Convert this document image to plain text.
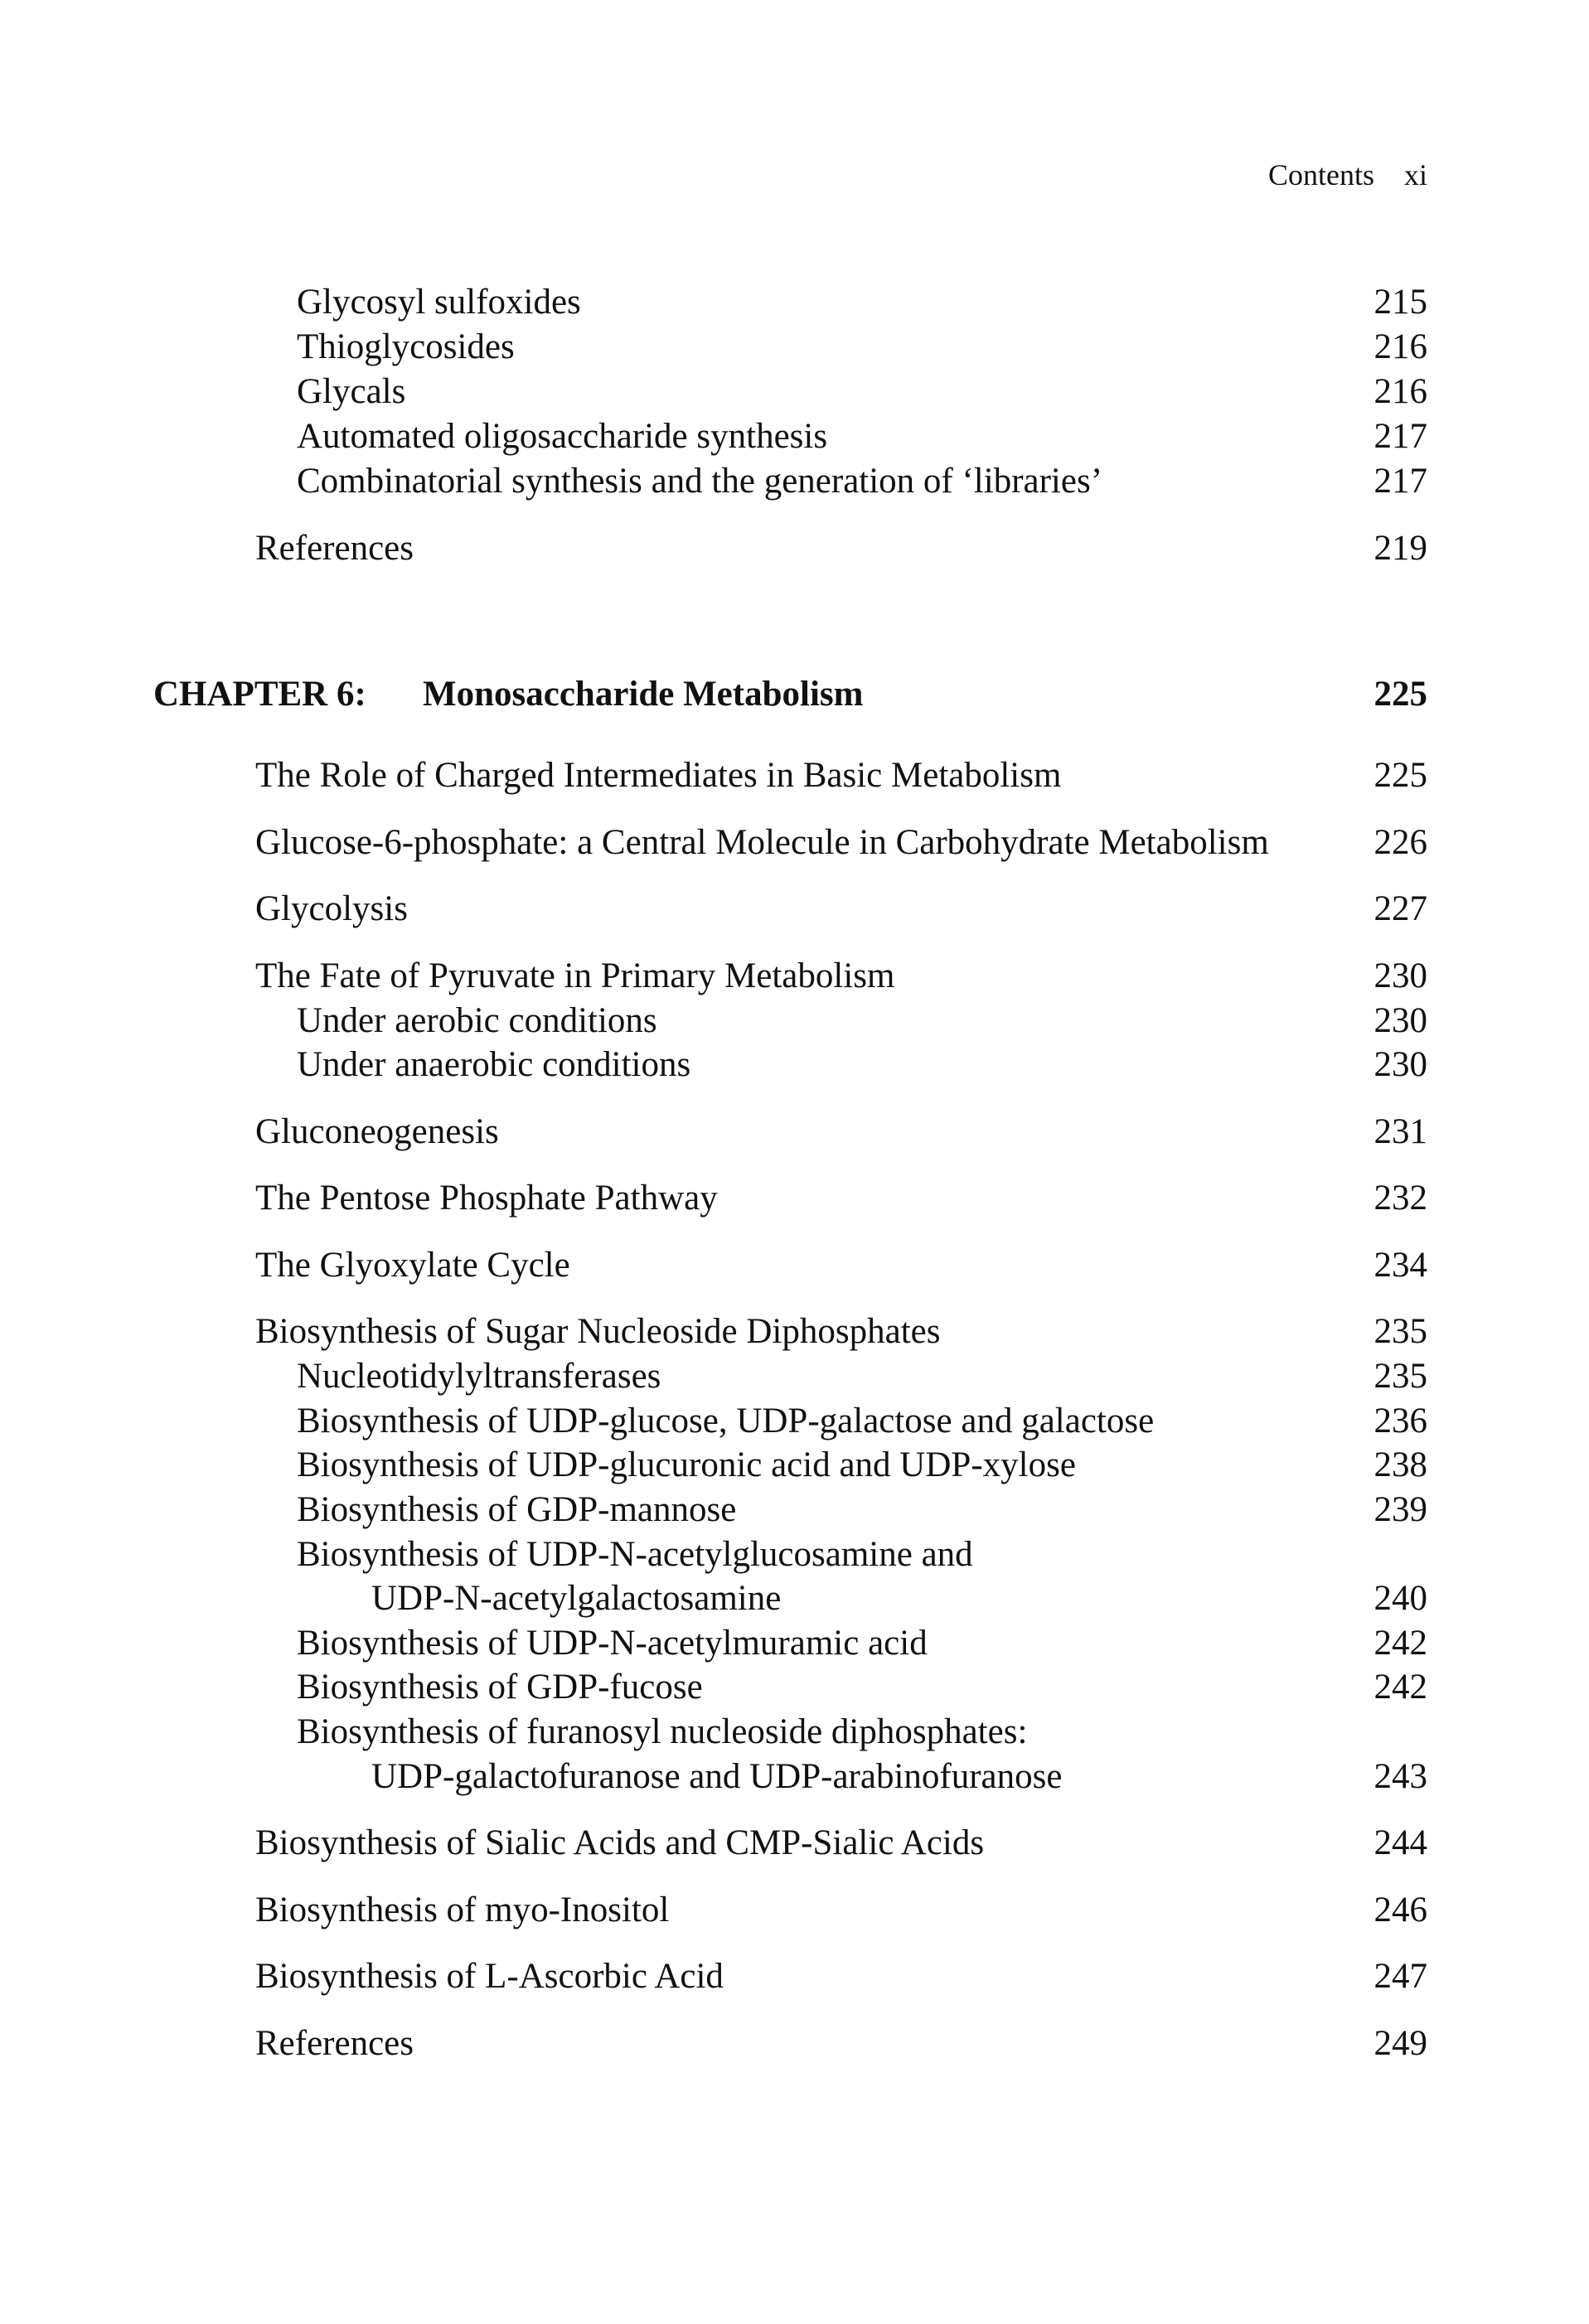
Contents xi
Glycosyl sulfoxides	215
Thioglycosides	216
Glycals	216
Automated oligosaccharide synthesis	217
Combinatorial synthesis and the generation of ‘libraries’	217
References	219
CHAPTER 6: Monosaccharide Metabolism	225
The Role of Charged Intermediates in Basic Metabolism	225
Glucose-6-phosphate: a Central Molecule in Carbohydrate Metabolism	226
Glycolysis	227
The Fate of Pyruvate in Primary Metabolism	230
Under aerobic conditions	230
Under anaerobic conditions	230
Gluconeogenesis	231
The Pentose Phosphate Pathway	232
The Glyoxylate Cycle	234
Biosynthesis of Sugar Nucleoside Diphosphates	235
Nucleotidylyltransferases	235
Biosynthesis of UDP-glucose, UDP-galactose and galactose	236
Biosynthesis of UDP-glucuronic acid and UDP-xylose	238
Biosynthesis of GDP-mannose	239
Biosynthesis of UDP-N-acetylglucosamine and
UDP-N-acetylgalactosamine	240
Biosynthesis of UDP-N-acetylmuramic acid	242
Biosynthesis of GDP-fucose	242
Biosynthesis of furanosyl nucleoside diphosphates:
UDP-galactofuranose and UDP-arabinofuranose	243
Biosynthesis of Sialic Acids and CMP-Sialic Acids	244
Biosynthesis of myo-Inositol	246
Biosynthesis of L-Ascorbic Acid	247
References	249
